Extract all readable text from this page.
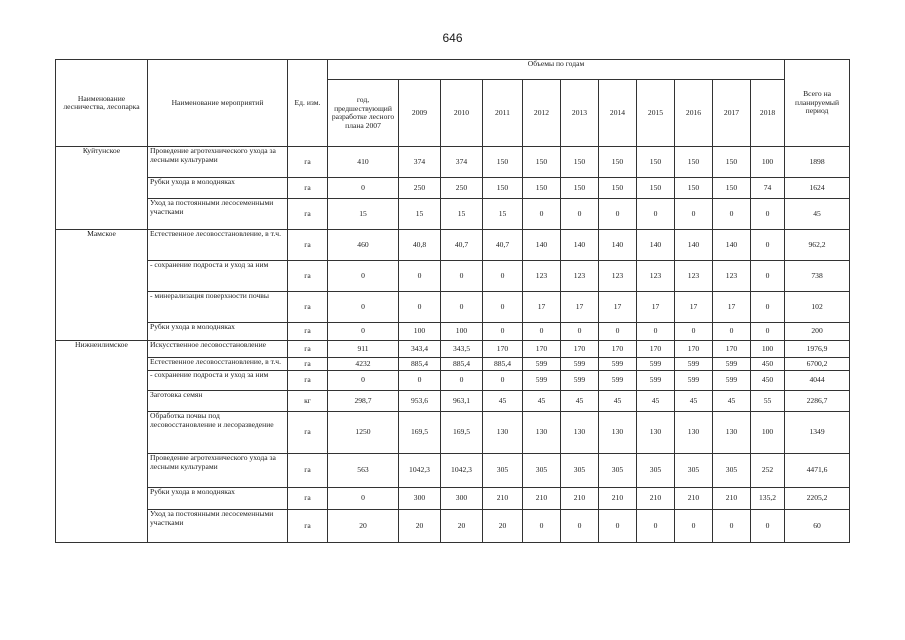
646
Наименование лесничества, лесопарка	Наименование мероприятий	Ед. изм.	Объемы по годам											Всего на планируемый период
			год, предшествующий разработке лесного плана 2007	2009	2010	2011	2012	2013	2014	2015	2016	2017	2018	
Куйтунское	Проведение агротехнического ухода за лесными культурами	га	410	374	374	150	150	150	150	150	150	150	100	1898
	Рубки ухода в молодняках	га	0	250	250	150	150	150	150	150	150	150	74	1624
	Уход за постоянными лесосеменными участками	га	15	15	15	15	0	0	0	0	0	0	0	45
Мамское	Естественное лесовосстановление, в т.ч.	га	460	40,8	40,7	40,7	140	140	140	140	140	140	0	962,2
	- сохранение подроста и уход за ним	га	0	0	0	0	123	123	123	123	123	123	0	738
	- минерализация поверхности почвы	га	0	0	0	0	17	17	17	17	17	17	0	102
	Рубки ухода в молодняках	га	0	100	100	0	0	0	0	0	0	0	0	200
Нижнеилимское	Искусственное лесовосстановление	га	911	343,4	343,5	170	170	170	170	170	170	170	100	1976,9
	Естественное лесовосстановление, в т.ч.	га	4232	885,4	885,4	885,4	599	599	599	599	599	599	450	6700,2
	- сохранение подроста и уход за ним	га	0	0	0	0	599	599	599	599	599	599	450	4044
	Заготовка семян	кг	298,7	953,6	963,1	45	45	45	45	45	45	45	55	2286,7
	Обработка почвы под лесовосстановление и лесоразведение	га	1250	169,5	169,5	130	130	130	130	130	130	130	100	1349
	Проведение агротехнического ухода за лесными культурами	га	563	1042,3	1042,3	305	305	305	305	305	305	305	252	4471,6
	Рубки ухода в молодняках	га	0	300	300	210	210	210	210	210	210	210	135,2	2205,2
	Уход за постоянными лесосеменными участками	га	20	20	20	20	0	0	0	0	0	0	0	60
